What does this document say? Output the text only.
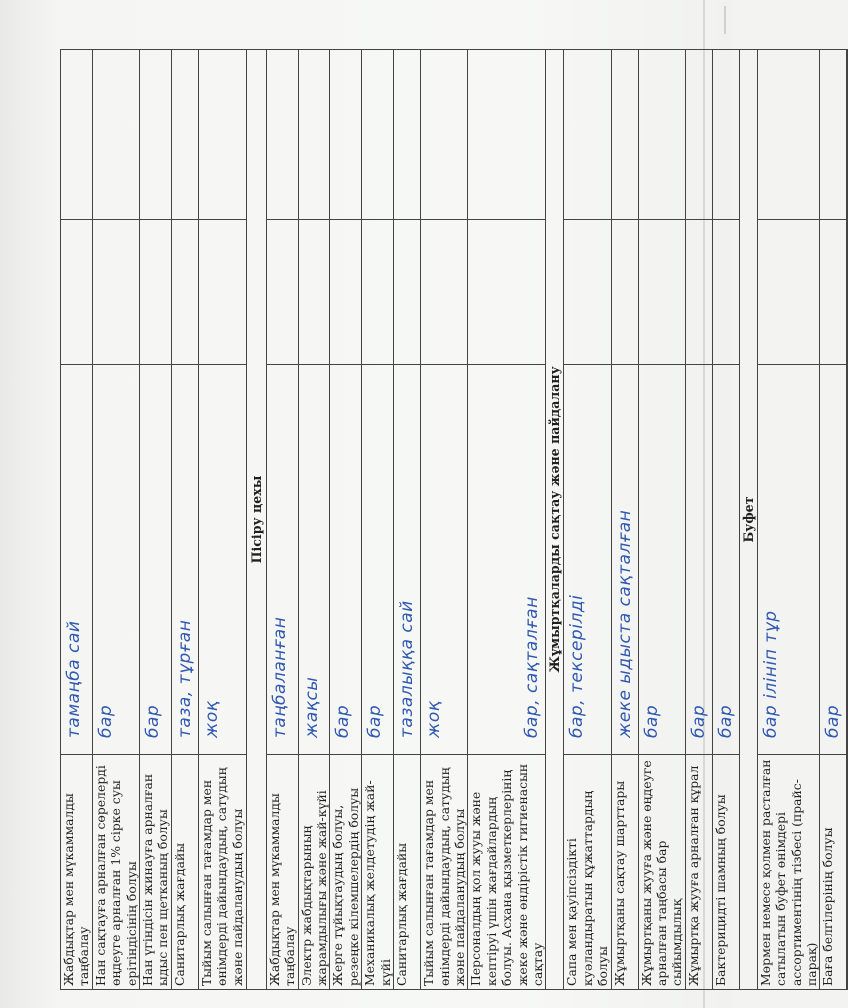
Жабдықтар мен мүкаммалды таңбалау	тамаңба сай		
Нан сақтауға арналған сөрелерді өңдеуге арналған 1% сірке суы ерітіндісінің болуы	бар		
Нан үгіндісін жинауға арналған ыдыс пен щетканың болуы	бар		
Санитарлық жағдайы	таза, тұрған		
Тыйым салынған тағамдар мен өнімдерді дайындаудың, сатудың және пайдаланудың болуы	жоқ		
Пісіру цехы			
Жабдықтар мен мүкаммалды таңбалау	таңбаланған		
Электр жабдықтарының жарамдылығы және жай-күйі	жақсы		
Жерге тұйықтаудың болуы, резеңке кілемшелердің болуы	бар		
Механикалық желдетудің жай-күйі	бар		
Санитарлық жағдайы	тазалыққа сай		
Тыйым салынған тағамдар мен өнімдерді дайындаудың, сатудың және пайдаланудың болуы	жоқ		
Персоналдың қол жууы және кептіруі үшін жағдайлардың болуы. Асхана қызметкерлерінің жеке және өндірістік гигиенасын сақтау	бар, сақталған		
Жұмыртқаларды сақтау және пайдалану			
Сапа мен қауіпсіздікті куәландыратын құжаттардың болуы	бар, тексерілді		
Жұмыртқаны сақтау шарттары	жеке ыдыста сақталған		
Жұмыртқаны жууға және өңдеуге арналған таңбасы бар сыйымдылық	бар		
Жұмыртқа жууға арналған құрал	бар		
Бактерицидті шамның болуы	бар		
Буфет			
Мөрмен немесе қолмен расталған сатылатын буфет өнімдері ассортиментінің тізбесі (прайс-парақ)	бар ілініп тұр		
Баға белгілерінің болуы	бар		
